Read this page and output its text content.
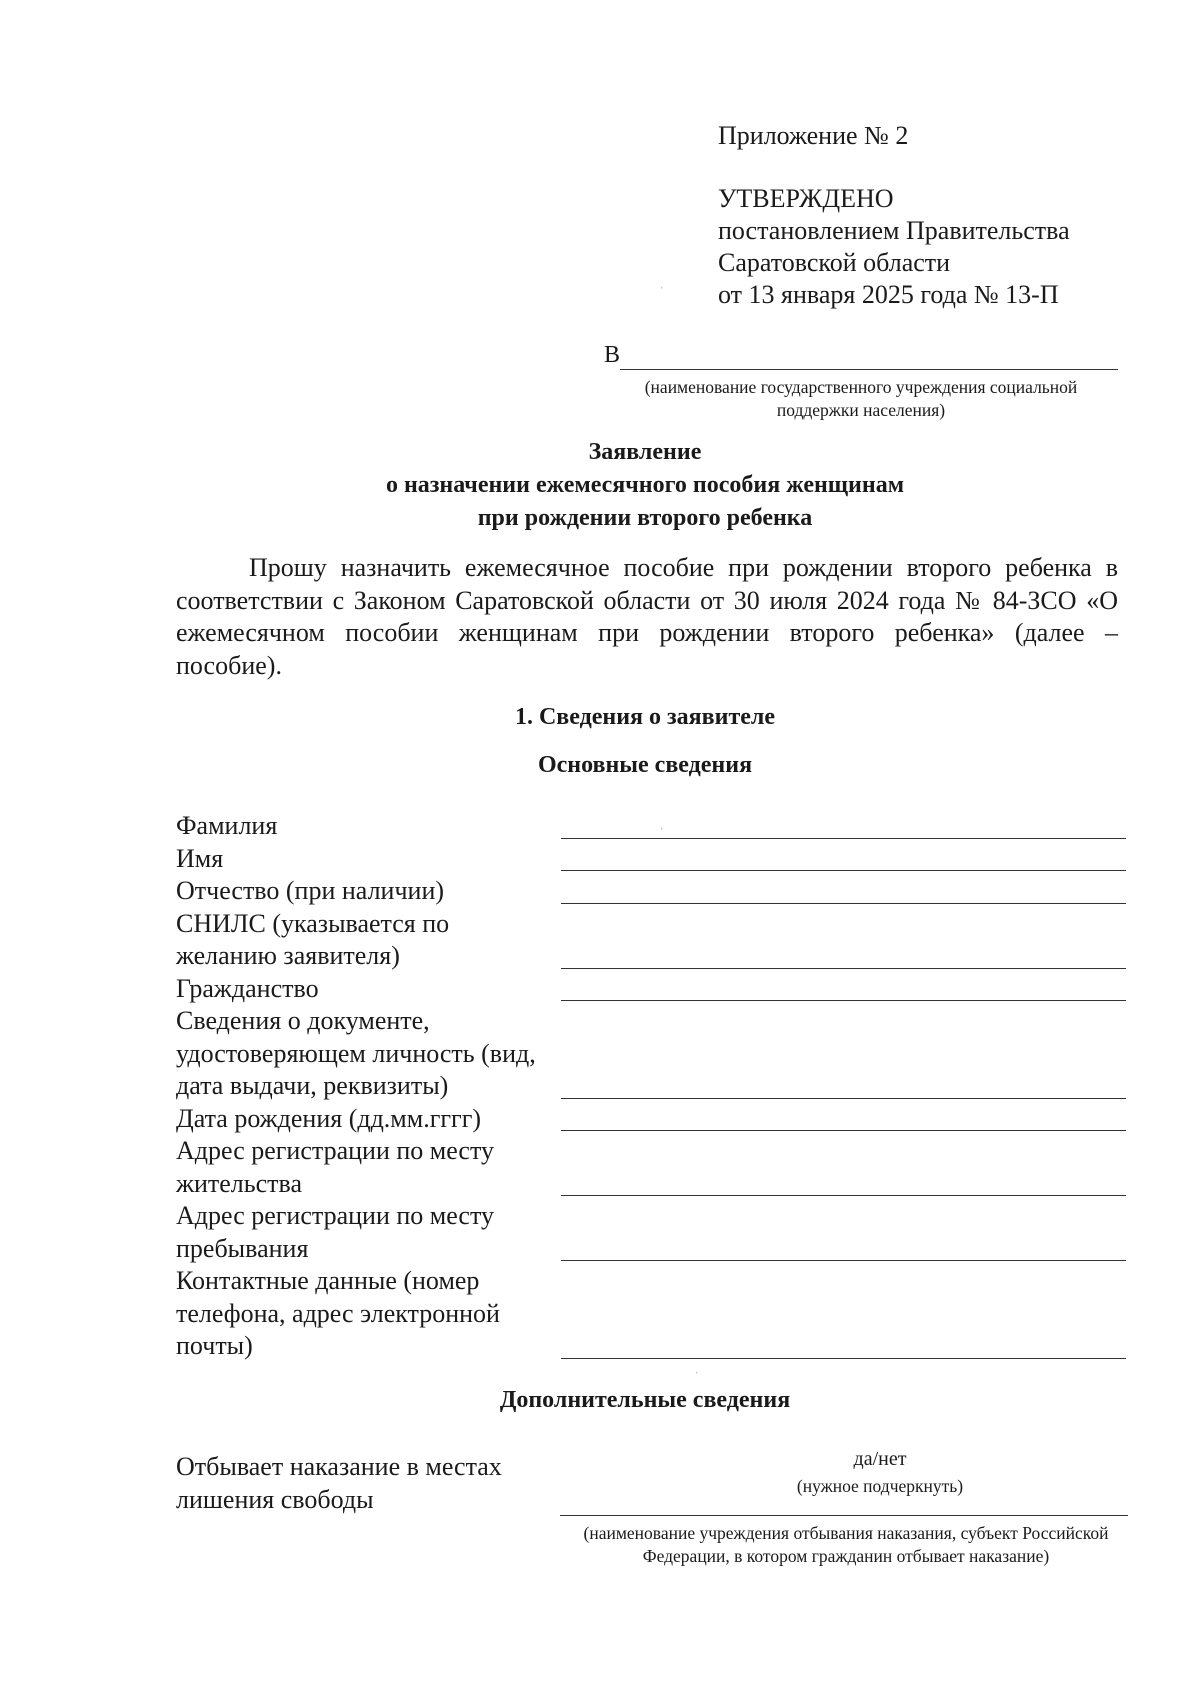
Приложение № 2
УТВЕРЖДЕНО
постановлением Правительства
Саратовской области
от 13 января 2025 года № 13-П
В
(наименование государственного учреждения социальной поддержки населения)
Заявление
о назначении ежемесячного пособия женщинам
при рождении второго ребенка
Прошу назначить ежемесячное пособие при рождении второго ребенка в соответствии с Законом Саратовской области от 30 июля 2024 года № 84-ЗСО «О ежемесячном пособии женщинам при рождении второго ребенка» (далее – пособие).
1. Сведения о заявителе
Основные сведения
Фамилия
Имя
Отчество (при наличии)
СНИЛС (указывается по желанию заявителя)
Гражданство
Сведения о документе, удостоверяющем личность (вид, дата выдачи, реквизиты)
Дата рождения (дд.мм.гггг)
Адрес регистрации по месту жительства
Адрес регистрации по месту пребывания
Контактные данные (номер телефона, адрес электронной почты)
Дополнительные сведения
Отбывает наказание в местах лишения свободы
да/нет
(нужное подчеркнуть)
(наименование учреждения отбывания наказания, субъект Российской Федерации, в котором гражданин отбывает наказание)
ˈ
ˈ
ˈ
